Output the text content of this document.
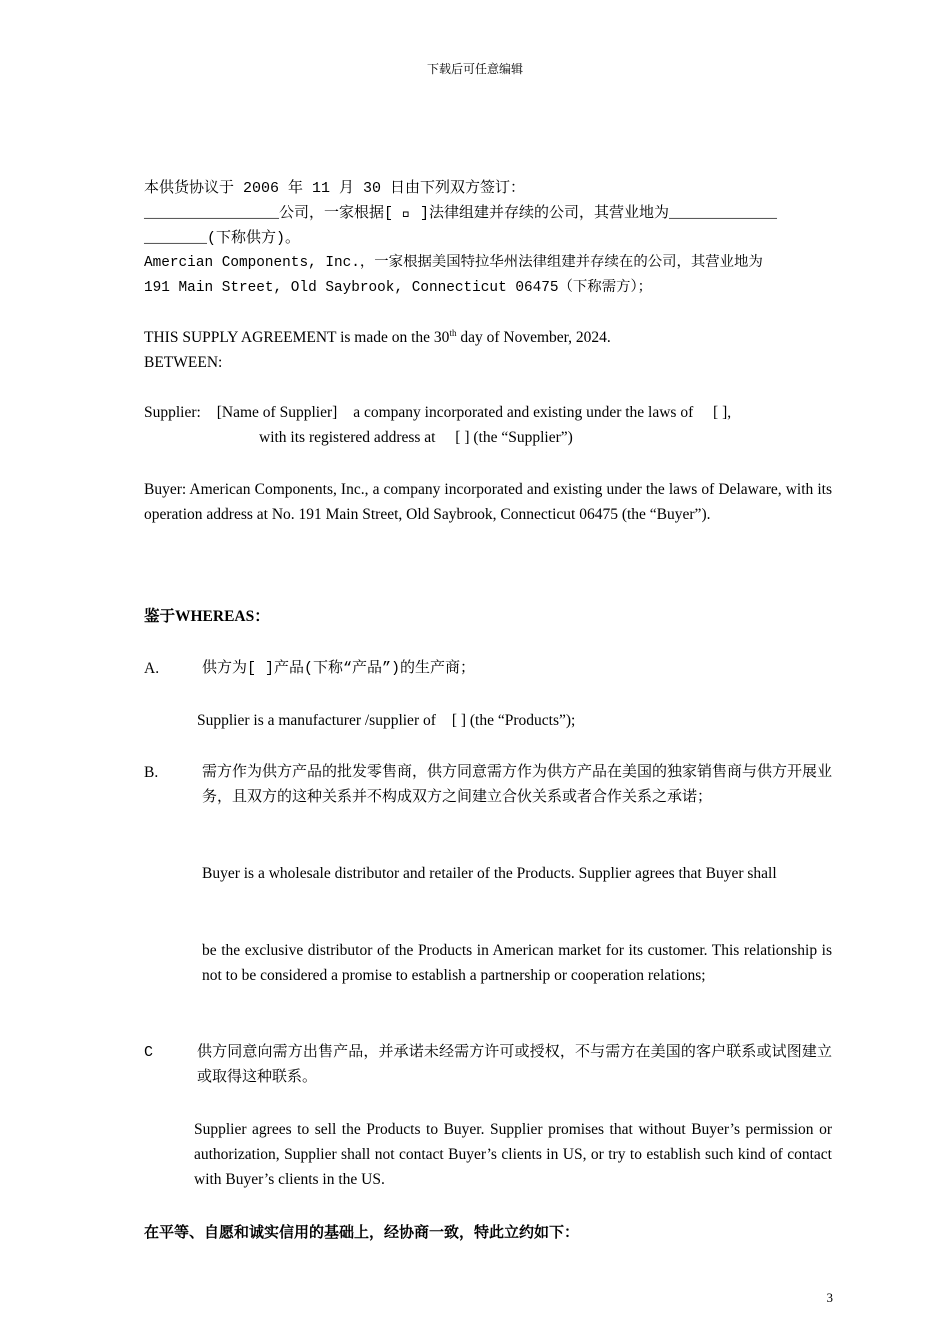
下载后可任意编辑
本供货协议于 2006 年 11 月 30 日由下列双方签订：
_______________公司，一家根据[   ]法律组建并存续的公司，其营业地为____________
_______(下称供方)。
Amercian Components, Inc.，一家根据美国特拉华州法律组建并存续在的公司，其营业地为
191 Main Street, Old Saybrook, Connecticut 06475（下称需方）；
THIS SUPPLY AGREEMENT is made on the 30th day of November, 2024.
BETWEEN:
Supplier:  [Name of Supplier]， a company incorporated and existing under the laws of   [ ],
with its registered address at   [ ] (the “Supplier”)
Buyer: American Components, Inc., a company incorporated and existing under the laws of Delaware, with its operation address at No. 191 Main Street, Old Saybrook, Connecticut 06475 (the “Buyer”).
鉴于WHEREAS：
A.	供方为[ ]产品(下称“产品”)的生产商；
Supplier is a manufacturer /supplier of  [ ] (the “Products”);
B.	需方作为供方产品的批发零售商，供方同意需方作为供方产品在美国的独家销售商与供方开展业务，且双方的这种关系并不构成双方之间建立合伙关系或者合作关系之承诺；
Buyer is a wholesale distributor and retailer of the Products. Supplier agrees that Buyer shall
be the exclusive distributor of the Products in American market for its customer. This relationship is not to be considered a promise to establish a partnership or cooperation relations;
C	供方同意向需方出售产品，并承诺未经需方许可或授权，不与需方在美国的客户联系或试图建立或取得这种联系。
Supplier agrees to sell the Products to Buyer. Supplier promises that without Buyer’s permission or authorization, Supplier shall not contact Buyer’s clients in US, or try to establish such kind of contact with Buyer’s clients in the US.
在平等、自愿和诚实信用的基础上，经协商一致，特此立约如下：
3
